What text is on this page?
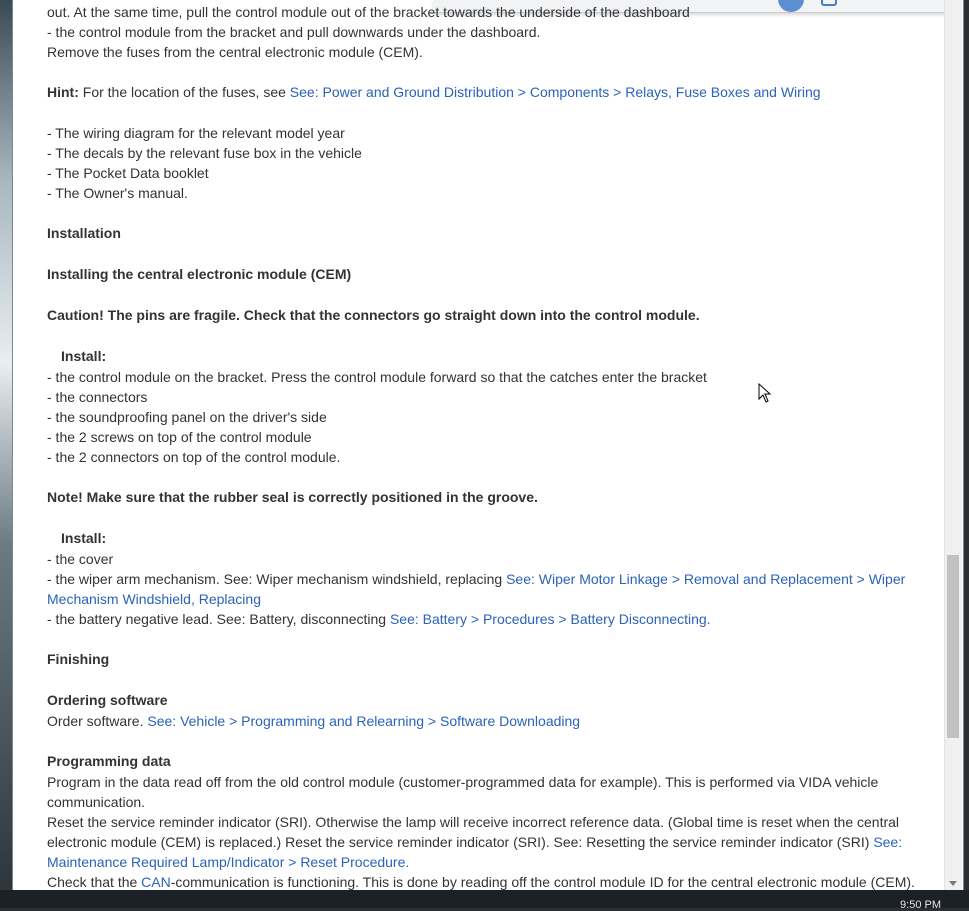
out. At the same time, pull the control module out of the bracket towards the underside of the dashboard
- the control module from the bracket and pull downwards under the dashboard.
Remove the fuses from the central electronic module (CEM).
Hint: For the location of the fuses, see See: Power and Ground Distribution > Components > Relays, Fuse Boxes and Wiring
- The wiring diagram for the relevant model year
- The decals by the relevant fuse box in the vehicle
- The Pocket Data booklet
- The Owner's manual.
Installation
Installing the central electronic module (CEM)
Caution! The pins are fragile. Check that the connectors go straight down into the control module.
Install:
- the control module on the bracket. Press the control module forward so that the catches enter the bracket
- the connectors
- the soundproofing panel on the driver's side
- the 2 screws on top of the control module
- the 2 connectors on top of the control module.
Note! Make sure that the rubber seal is correctly positioned in the groove.
Install:
- the cover
- the wiper arm mechanism. See: Wiper mechanism windshield, replacing See: Wiper Motor Linkage > Removal and Replacement > Wiper
Mechanism Windshield, Replacing
- the battery negative lead. See: Battery, disconnecting See: Battery > Procedures > Battery Disconnecting.
Finishing
Ordering software
Order software. See: Vehicle > Programming and Relearning > Software Downloading
Programming data
Program in the data read off from the old control module (customer-programmed data for example). This is performed via VIDA vehicle
communication.
Reset the service reminder indicator (SRI). Otherwise the lamp will receive incorrect reference data. (Global time is reset when the central
electronic module (CEM) is replaced.) Reset the service reminder indicator (SRI). See: Resetting the service reminder indicator (SRI) See:
Maintenance Required Lamp/Indicator > Reset Procedure.
Check that the CAN-communication is functioning. This is done by reading off the control module ID for the central electronic module (CEM).
9:50 PM
